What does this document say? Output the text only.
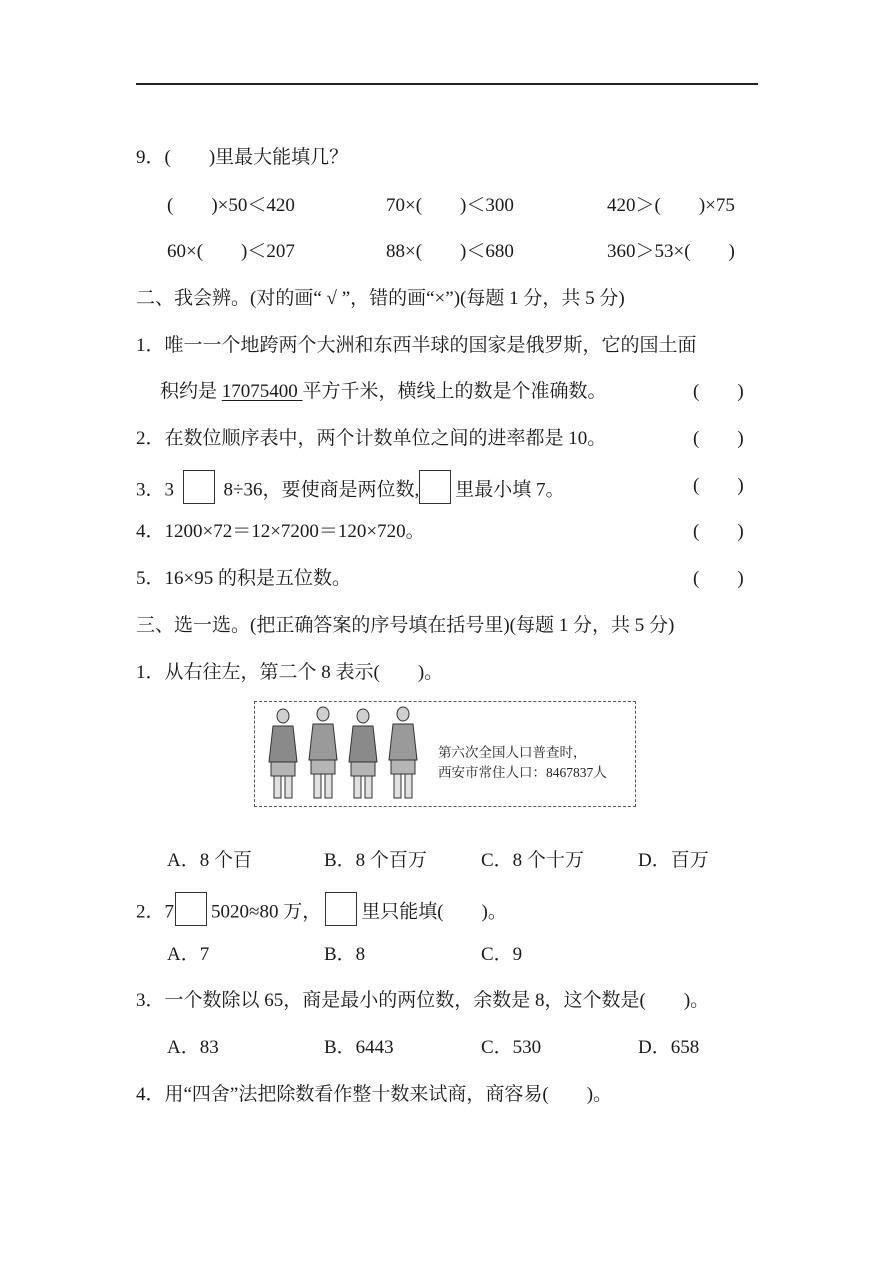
9．(　　)里最大能填几？
(　　)×50＜420	70×(　　)＜300	420＞(　　)×75
60×(　　)＜207	88×(　　)＜680	360＞53×(　　)
二、我会辨。(对的画“ √ ”，错的画“×”)(每题 1 分，共 5 分)
1．唯一一个地跨两个大洲和东西半球的国家是俄罗斯，它的国土面
积约是 17075400 平方千米，横线上的数是个准确数。	(　　)
2．在数位顺序表中，两个计数单位之间的进率都是 10。	(　　)
3．3  8÷36，要使商是两位数, 里最小填 7。	(　　)
4．1200×72＝12×7200＝120×720。	(　　)
5．16×95 的积是五位数。	(　　)
三、选一选。(把正确答案的序号填在括号里)(每题 1 分，共 5 分)
1．从右往左，第二个 8 表示(　　)。
第六次全国人口普查时，
西安市常住人口：8467837人
A．8 个百	B．8 个百万	C．8 个十万	D．百万
2．7 5020≈80 万， 里只能填(　　)。
A．7	B．8	C．9
3．一个数除以 65，商是最小的两位数，余数是 8，这个数是(　　)。
A．83	B．6443	C．530	D．658
4．用“四舍”法把除数看作整十数来试商，商容易(　　)。
